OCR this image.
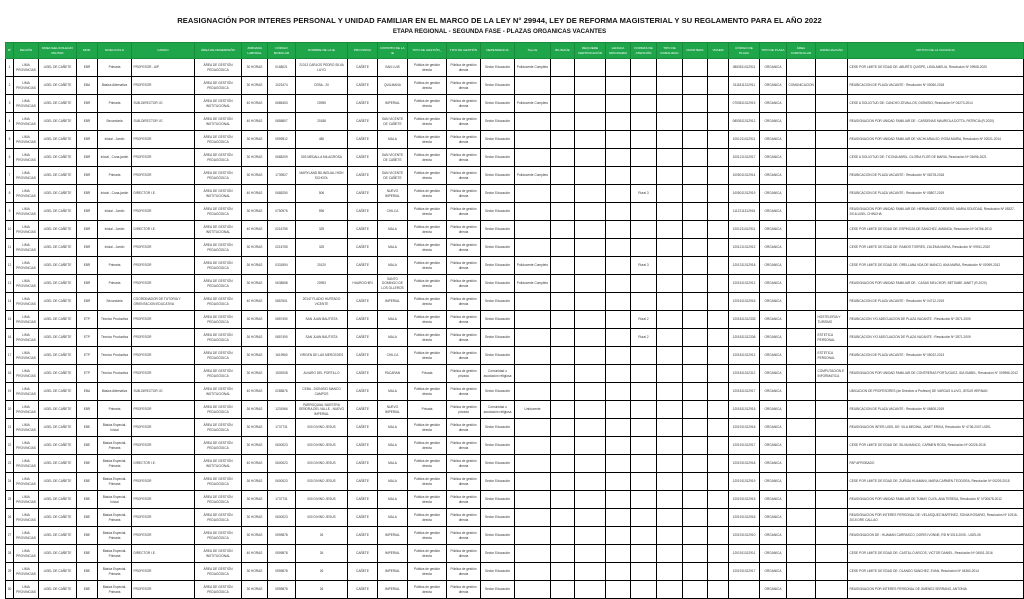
REASIGNACIÓN POR INTERES PERSONAL Y UNIDAD FAMILIAR EN EL MARCO DE LA LEY N° 29944, LEY DE REFORMA MAGISTERIAL Y SU REGLAMENTO PARA EL AÑO 2022
ETAPA REGIONAL - SEGUNDA FASE - PLAZAS ORGANICAS VACANTES
N°	REGIÓN	DRE/UGEL/COLEGIO MILITAR	MOD.	NIVEL/CICLO	CARGO	ÁREA DE DESEMPEÑO	JORNADA LABORAL	CÓDIGO MODULAR	NOMBRE DE LA IE	PROVINCIA	DISTRITO DE LA IE	TIPO DE GESTIÓN_	TIPO DE GESTIÓN	DEPENDENCIA	Tipo IE	BILINGÜE	REQUIERE CERTIFICACIÓN	LENGUA ORIGINARIA	FORMAS DE ATENCIÓN	TIPO DE RURALIDAD	FRONTERA	VRAEM	CÓDIGO DE PLAZA	TIPO DE PLAZA	ÁREA CURRICULAR	ESPECIALIDAD	MOTIVO DE LA VACANCIA
1	LIMA PROVINCIAS	UGEL DE CAÑETE	EBR	Primaria	PROFESOR - AIP	ÁREA DE GESTIÓN PEDAGÓGICA	30 HORAS	0168021	21013 CARLOS PEDRO SILVA LUYO	CAÑETE	SAN LUIS	Pública de gestión directa	Pública de gestión directa	Sector Educación	Polidocente Completo								0853511312911	ORGANICA			CESE POR LIMITE DE EDAD DE: ABURTO QUISPE, LIDIA AMELIA, Resolución Nº 09908-2020
2	LIMA PROVINCIAS	UGEL DE CAÑETE	EBA	Básica Alternativa	PROFESOR	ÁREA DE GESTIÓN PEDAGÓGICA	30 HORAS	1022474	CEBA - 20	CAÑETE	QUILMANA	Pública de gestión directa	Pública de gestión directa	Sector Educación									0111811312911	ORGANICA	COMUNICACION		REUBICACION DE PLAZA VACANTE : Resolución Nº 00060-2018
3	LIMA PROVINCIAS	UGEL DE CAÑETE	EBR	Primaria	SUB-DIRECTOR I.E.	ÁREA DE GESTIÓN INSTITUCIONAL	40 HORAS	0685453	20955	CAÑETE	IMPERIAL	Pública de gestión directa	Pública de gestión directa	Sector Educación	Polidocente Completo								0753511312919	ORGANICA			CESE A SOLICITUD DE: CANCHO ZEVALLOS, DIONISIO, Resolución Nº 04273-2014
4	LIMA PROVINCIAS	UGEL DE CAÑETE	EBR	Secundaria	SUB-DIRECTOR I.E.	ÁREA DE GESTIÓN INSTITUCIONAL	40 HORAS	0858807	20188	CAÑETE	SAN VICENTE DE CAÑETE	Pública de gestión directa	Pública de gestión directa	Sector Educación									0853511312912	ORGANICA			REASIGNACION POR UNIDAD FAMILIAR DE : CARDENAS MAURIOLA DOTTA, PATRICIA (R-2020)
5	LIMA PROVINCIAS	UGEL DE CAÑETE	EBR	Inicial - Jardín	PROFESOR	ÁREA DE GESTIÓN PEDAGÓGICA	30 HORAS	0599512	480	CAÑETE	MALA	Pública de gestión directa	Pública de gestión directa	Sector Educación									1001211312911	ORGANICA			REASIGNACION POR UNIDAD FAMILIAR DE YACHI ARAUJO, ROSA MARIA, Resolución Nº 02021-2014
6	LIMA PROVINCIAS	UGEL DE CAÑETE	EBR	Inicial - Cuna-jardín	PROFESOR	ÁREA DE GESTIÓN PEDAGÓGICA	30 HORAS	0685209	503 MEDALLA MILAGROSA	CAÑETE	SAN VICENTE DE CAÑETE	Pública de gestión directa	Pública de gestión directa	Sector Educación									1001211312917	ORGANICA			CESE A SOLICITUD DE: TICONA ABRIL, GLORIA FLOR DE MARIA, Resolución Nº 03696-2021
7	LIMA PROVINCIAS	UGEL DE CAÑETE	EBR	Primaria	PROFESOR	ÁREA DE GESTIÓN PEDAGÓGICA	30 HORAS	1739527	MARYLAND BILINGUAL HIGH SCHOOL	CAÑETE	SAN VICENTE DE CAÑETE	Pública de gestión directa	Pública de gestión directa	Sector Educación	Polidocente Completo								1005011312914	ORGANICA			REUBICACION DE PLAZA VACANTE : Resolución Nº 05278-2018
8	LIMA PROVINCIAS	UGEL DE CAÑETE	EBR	Inicial - Cuna-jardín	DIRECTOR I.E.	ÁREA DE GESTIÓN INSTITUCIONAL	40 HORAS	0685250	506	CAÑETE	NUEVO IMPERIAL	Pública de gestión directa	Pública de gestión directa	Sector Educación					Rural 3				1005011312919	ORGANICA			REUBICACION DE PLAZA VACANTE : Resolución Nº 05807-2019
9	LIMA PROVINCIAS	UGEL DE CAÑETE	EBR	Inicial - Jardín	PROFESOR	ÁREA DE GESTIÓN PEDAGÓGICA	30 HORAS	0750976	596	CAÑETE	CHILCA	Pública de gestión directa	Pública de gestión directa	Sector Educación									1112211312915	ORGANICA			REASIGNACION POR UNIDAD FAMILIAR DE: HERNANDEZ CORDERO, MARIA SOLEDAD, Resolución Nº 05327-2016-UGEL CHINCHA
10	LIMA PROVINCIAS	UGEL DE CAÑETE	EBR	Inicial - Jardín	DIRECTOR I.E.	ÁREA DE GESTIÓN INSTITUCIONAL	40 HORAS	0216755	325	CAÑETE	MALA	Pública de gestión directa	Pública de gestión directa	Sector Educación									1201211312911	ORGANICA			CESE POR LIMITE DE EDAD DE: ESPINOZA DE SANCHEZ, AMANDA, Resolución Nº 04766-2013
11	LIMA PROVINCIAS	UGEL DE CAÑETE	EBR	Inicial - Jardín	PROFESOR	ÁREA DE GESTIÓN PEDAGÓGICA	30 HORAS	0216755	325	CAÑETE	MALA	Pública de gestión directa	Pública de gestión directa	Sector Educación									1201211312912	ORGANICA			CESE POR LIMITE DE EDAD DE: RAMOS TORRES, ZULEMA MARIA, Resolución Nº 09911-2020
12	LIMA PROVINCIAS	UGEL DE CAÑETE	EBR	Primaria	PROFESOR	ÁREA DE GESTIÓN PEDAGÓGICA	30 HORAS	0331894	20120	CAÑETE	MALA	Pública de gestión directa	Pública de gestión directa	Sector Educación	Polidocente Completo				Rural 3				1201311312918	ORGANICA			CESE POR LIMITE DE EDAD DE: ORELLANA VDA DE MANCO, ANA MARIA, Resolución Nº 00099-2012
13	LIMA PROVINCIAS	UGEL DE CAÑETE	EBR	Primaria	PROFESOR	ÁREA DE GESTIÓN PEDAGÓGICA	30 HORAS	0638558	20953	HUAROCHIRI	SANTO DOMINGO DE LOS OLLEROS	Pública de gestión directa	Pública de gestión directa	Sector Educación	Polidocente Completo								1201511312912	ORGANICA			REASIGNACION POR UNIDAD FAMILIAR DE : CASAS MELCHOR, BETSABE JANET (R-2020)
14	LIMA PROVINCIAS	UGEL DE CAÑETE	EBR	Secundaria	COORDINADOR DE TUTORIA Y ORIENTACION EDUCATIVA	ÁREA DE GESTIÓN PEDAGÓGICA	40 HORAS	0857601	20147 FLADIO HURTADO VICENTE	CAÑETE	IMPERIAL	Pública de gestión directa	Pública de gestión directa	Sector Educación									1201511312916	ORGANICA			REUBICACION DE PLAZA VACANTE : Resolución Nº 04712-2019
15	LIMA PROVINCIAS	UGEL DE CAÑETE	ETP	Técnico Productiva	PROFESOR	ÁREA DE GESTIÓN PEDAGÓGICA	30 HORAS	0857490	SAN JUAN BAUTISTA	CAÑETE	MALA	Pública de gestión directa	Pública de gestión directa	Sector Educación					Rural 2				1201811312333	ORGANICA		HOSTELERIA Y TURISMO	REUBICACION Y/O ADECUACION DE PLAZA VACANTE : Resolución Nº 2871-2009
16	LIMA PROVINCIAS	UGEL DE CAÑETE	ETP	Técnico Productiva	PROFESOR	ÁREA DE GESTIÓN PEDAGÓGICA	30 HORAS	0857490	SAN JUAN BAUTISTA	CAÑETE	MALA	Pública de gestión directa	Pública de gestión directa	Sector Educación					Rural 2				1201811312336	ORGANICA		ESTETICA PERSONAL	REUBICACION Y/O ADECUACION DE PLAZA VACANTE : Resolución Nº 2871-2009
17	LIMA PROVINCIAS	UGEL DE CAÑETE	ETP	Técnico Productiva	PROFESOR	ÁREA DE GESTIÓN PEDAGÓGICA	30 HORAS	1619960	VIRGEN DE LAS MERCEDES	CAÑETE	CHILCA	Pública de gestión directa	Pública de gestión directa	Sector Educación									1201811312912	ORGANICA		ESTETICA PERSONAL	REUBICACION DE PLAZA VACANTE : Resolución Nº 05022-2013
18	LIMA PROVINCIAS	UGEL DE CAÑETE	ETP	Técnico Productiva	PROFESOR	ÁREA DE GESTIÓN PEDAGÓGICA	30 HORAS	1509208	ALVARO DEL PORTILLO	CAÑETE	PACARAN	Privada	Pública de gestión privada	Comunidad o asociación religiosa									1201811312312	ORGANICA		COMPUTACION E INFORMATICA	REASIGNACION POR UNIDAD FAMILIAR DE CONTRERAS PORTUGUEZ, IDA ISABEL, Resolución N° 009956-2012
19	LIMA PROVINCIAS	UGEL DE CAÑETE	EBA	Básica Alternativa	SUB-DIRECTOR I.E.	ÁREA DE GESTIÓN INSTITUCIONAL	40 HORAS	0285876	CEBA - DIONISIO MANCO CAMPOS	CAÑETE	MALA	Pública de gestión directa	Pública de gestión directa	Sector Educación									1201811312917	ORGANICA			UBICACION DE PROFESORES (de Directivo a Profesor) DE VARGAS ILLIVO, JESUS HERNAN
20	LIMA PROVINCIAS	UGEL DE CAÑETE	EBR	Primaria	PROFESOR	ÁREA DE GESTIÓN PEDAGÓGICA	30 HORAS	1231966	PARROQUIAL NUESTRA SEÑORA DEL VALLE - NUEVO IMPERIAL	CAÑETE	NUEVO IMPERIAL	Privada	Pública de gestión privada	Comunidad o asociación religiosa	Unidocente								1201811312915	ORGANICA			REUBICACION DE PLAZA VACANTE : Resolución Nº 06805-2019
21	LIMA PROVINCIAS	UGEL DE CAÑETE	EBE	Básica Especial-Inicial	PROFESOR	ÁREA DE GESTIÓN PEDAGÓGICA	30 HORAS	1737731	000 DIVINO JESUS	CAÑETE	MALA	Pública de gestión directa	Pública de gestión directa	Sector Educación									1201911312916	ORGANICA			REASIGNACION INTER-UGEL DE: VILA MEDINA, JANET ERIKA, Resolución Nº 4736-2007-UGEL
22	LIMA PROVINCIAS	UGEL DE CAÑETE	EBE	Básica Especial-Primaria	PROFESOR	ÁREA DE GESTIÓN PEDAGÓGICA	30 HORAS	0600023	000 DIVINO JESUS	CAÑETE	MALA	Pública de gestión directa	Pública de gestión directa	Sector Educación									1201911312917	ORGANICA			CESE POR LIMITE DE EDAD DE: SILVA MANCO, CARMEN ROSA, Resolución Nº 00226-2018
23	LIMA PROVINCIAS	UGEL DE CAÑETE	EBE	Básica Especial-Primaria	DIRECTOR I.E.	ÁREA DE GESTIÓN INSTITUCIONAL	40 HORAS	0600023	000 DIVINO JESUS	CAÑETE	MALA	Pública de gestión directa	Pública de gestión directa	Sector Educación									1201911312918	ORGANICA			PAP APROBADO
24	LIMA PROVINCIAS	UGEL DE CAÑETE	EBE	Básica Especial-Primaria	PROFESOR	ÁREA DE GESTIÓN PEDAGÓGICA	30 HORAS	0600023	000 DIVINO JESUS	CAÑETE	MALA	Pública de gestión directa	Pública de gestión directa	Sector Educación									1201911312919	ORGANICA			CESE POR LIMITE DE EDAD DE: ZUÑIGA HUAMANI, MARIA CARMEN TEODORA, Resolución Nº 00209-2018
25	LIMA PROVINCIAS	UGEL DE CAÑETE	EBE	Básica Especial-Inicial	PROFESOR	ÁREA DE GESTIÓN PEDAGÓGICA	30 HORAS	1737731	000 DIVINO JESUS	CAÑETE	MALA	Pública de gestión directa	Pública de gestión directa	Sector Educación									1201911312915	ORGANICA			REASIGNACION POR UNIDAD FAMILIAR DE TUMAY CUYA, ANA TERESA, Resolución N° N°00678-2012
26	LIMA PROVINCIAS	UGEL DE CAÑETE	EBE	Básica Especial-Primaria	PROFESOR	ÁREA DE GESTIÓN PEDAGÓGICA	30 HORAS	0600023	000 DIVINO JESUS	CAÑETE	MALA	Pública de gestión directa	Pública de gestión directa	Sector Educación									1201911312916	ORGANICA			REASIGNACION POR INTERES PERSONAL DE: VELASQUEZ MARTINEZ, SONIA ROSARIO, Resolución Nº 10516-2015 DRE CALLAO
27	LIMA PROVINCIAS	UGEL DE CAÑETE	EBE	Básica Especial-Primaria	PROFESOR	ÁREA DE GESTIÓN PEDAGÓGICA	30 HORAS	0599878	26	CAÑETE	IMPERIAL	Pública de gestión directa	Pública de gestión directa	Sector Educación									1201911312910	ORGANICA			REASIGNACION DE : HUAMAN CARRASCO, DORIS IVONNE, RD Nº1015-2005 - UGEL05
28	LIMA PROVINCIAS	UGEL DE CAÑETE	EBE	Básica Especial-Primaria	DIRECTOR I.E.	ÁREA DE GESTIÓN INSTITUCIONAL	40 HORAS	0599878	26	CAÑETE	IMPERIAL	Pública de gestión directa	Pública de gestión directa	Sector Educación									1201911312911	ORGANICA			CESE POR LIMITE DE EDAD DE: CASTILLO ARCOS, VICTOR DANIEL, Resolución Nº 04501-2016
29	LIMA PROVINCIAS	UGEL DE CAÑETE	EBE	Básica Especial-Primaria	PROFESOR	ÁREA DE GESTIÓN PEDAGÓGICA	30 HORAS	0599878	26	CAÑETE	IMPERIAL	Pública de gestión directa	Pública de gestión directa	Sector Educación									1201911312917	ORGANICA			CESE POR LIMITE DE EDAD DE: OLANDO SANCHEZ, EVAN, Resolución Nº 04360-2014
30	LIMA PROVINCIAS	UGEL DE CAÑETE	EBE	Básica Especial-Primaria	PROFESOR	ÁREA DE GESTIÓN PEDAGÓGICA	30 HORAS	0599878	26	CAÑETE	IMPERIAL	Pública de gestión directa	Pública de gestión directa	Sector Educación										ORGANICA			REASIGNACION POR INTERES PERSONAL DE JIMENEZ SERRANO, ANTONIA
